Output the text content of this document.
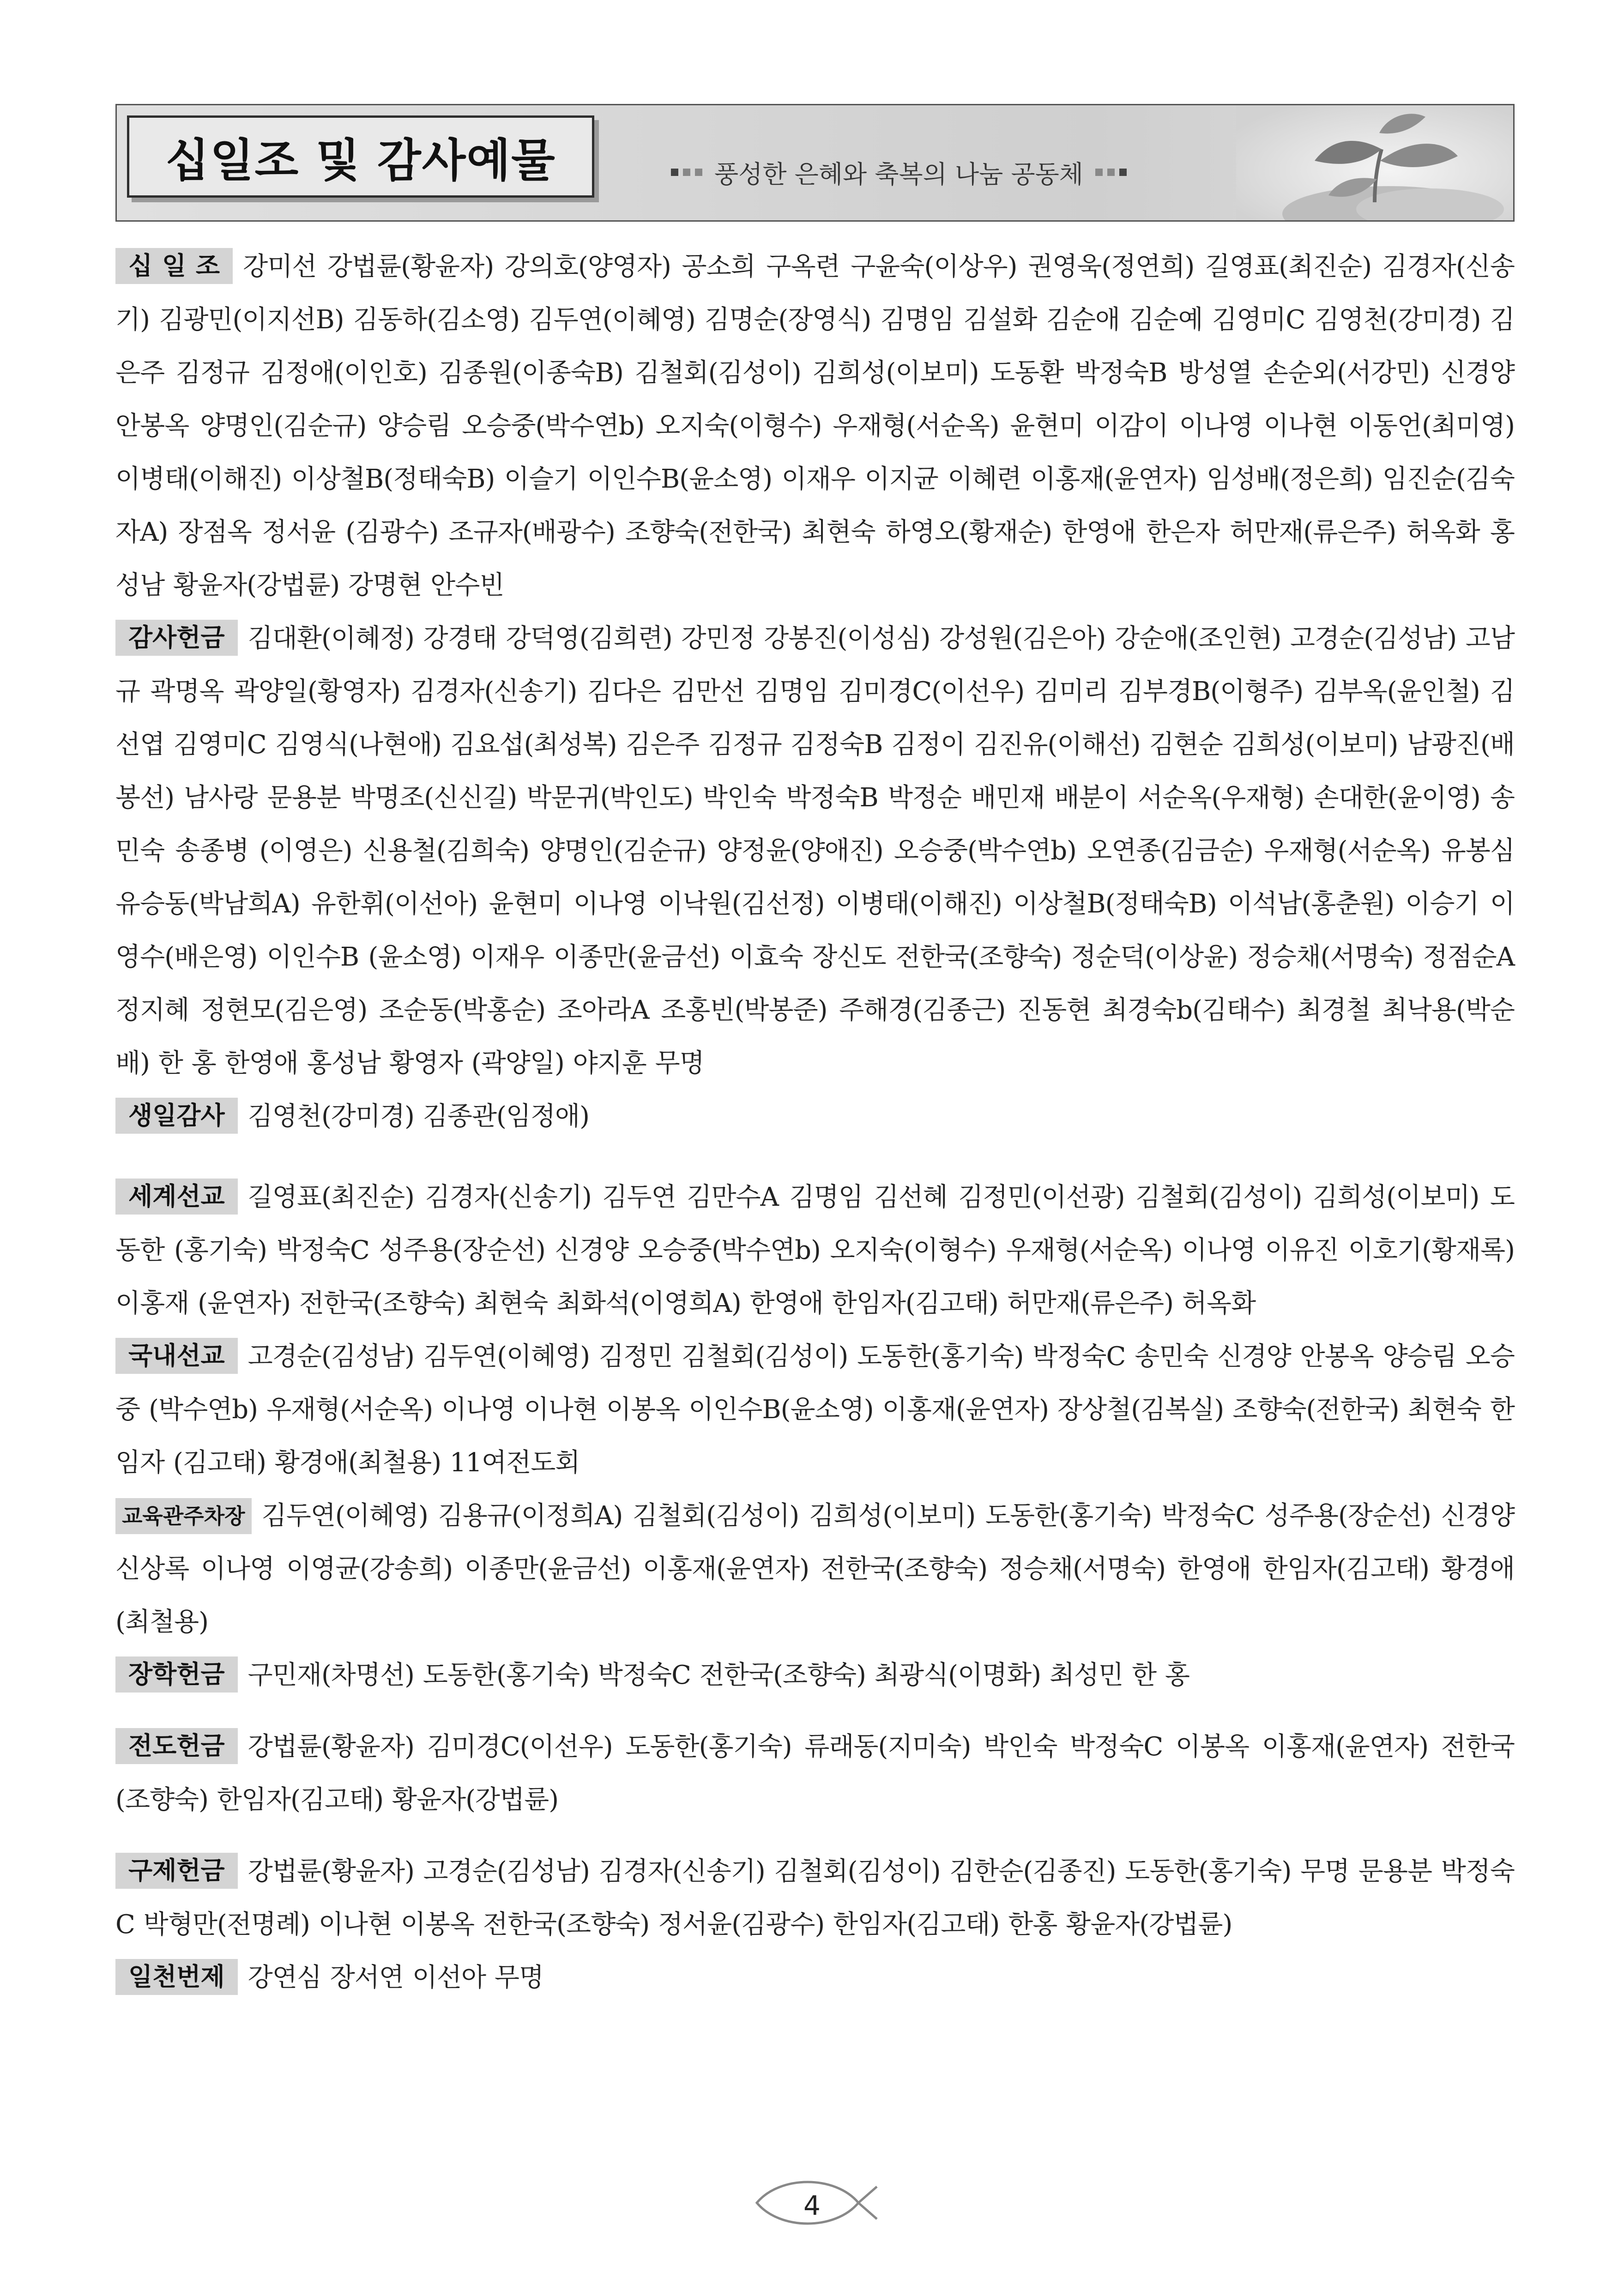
십일조 및 감사예물	풍성한 은혜와 축복의 나눔 공동체

십 일 조 강미선 강법륜(황윤자) 강의호(양영자) 공소희 구옥련 구윤숙(이상우) 권영욱(정연희) 길영표(최진순) 김경자(신송기) 김광민(이지선B) 김동하(김소영) 김두연(이혜영) 김명순(장영식) 김명임 김설화 김순애 김순예 김영미C 김영천(강미경) 김은주 김정규 김정애(이인호) 김종원(이종숙B) 김철회(김성이) 김희성(이보미) 도동환 박정숙B 방성열 손순외(서강민) 신경양 안봉옥 양명인(김순규) 양승림 오승중(박수연b) 오지숙(이형수) 우재형(서순옥) 윤현미 이감이 이나영 이나현 이동언(최미영) 이병태(이해진) 이상철B(정태숙B) 이슬기 이인수B(윤소영) 이재우 이지균 이혜련 이홍재(윤연자) 임성배(정은희) 임진순(김숙자A) 장점옥 정서윤 (김광수) 조규자(배광수) 조향숙(전한국) 최현숙 하영오(황재순) 한영애 한은자 허만재(류은주) 허옥화 홍성남 황윤자(강법륜) 강명현 안수빈

감사헌금 김대환(이혜정) 강경태 강덕영(김희련) 강민정 강봉진(이성심) 강성원(김은아) 강순애(조인현) 고경순(김성남) 고남규 곽명옥 곽양일(황영자) 김경자(신송기) 김다은 김만선 김명임 김미경C(이선우) 김미리 김부경B(이형주) 김부옥(윤인철) 김선엽 김영미C 김영식(나현애) 김요섭(최성복) 김은주 김정규 김정숙B 김정이 김진유(이해선) 김현순 김희성(이보미) 남광진(배봉선) 남사랑 문용분 박명조(신신길) 박문귀(박인도) 박인숙 박정숙B 박정순 배민재 배분이 서순옥(우재형) 손대한(윤이영) 송민숙 송종병 (이영은) 신용철(김희숙) 양명인(김순규) 양정윤(양애진) 오승중(박수연b) 오연종(김금순) 우재형(서순옥) 유봉심 유승동(박남희A) 유한휘(이선아) 윤현미 이나영 이낙원(김선정) 이병태(이해진) 이상철B(정태숙B) 이석남(홍춘원) 이승기 이영수(배은영) 이인수B (윤소영) 이재우 이종만(윤금선) 이효숙 장신도 전한국(조향숙) 정순덕(이상윤) 정승채(서명숙) 정점순A 정지혜 정현모(김은영) 조순동(박홍순) 조아라A 조홍빈(박봉준) 주해경(김종근) 진동현 최경숙b(김태수) 최경철 최낙용(박순배) 한 홍 한영애 홍성남 황영자 (곽양일) 야지훈 무명

생일감사 김영천(강미경) 김종관(임정애)

세계선교 길영표(최진순) 김경자(신송기) 김두연 김만수A 김명임 김선혜 김정민(이선광) 김철회(김성이) 김희성(이보미) 도동한 (홍기숙) 박정숙C 성주용(장순선) 신경양 오승중(박수연b) 오지숙(이형수) 우재형(서순옥) 이나영 이유진 이호기(황재록) 이홍재 (윤연자) 전한국(조향숙) 최현숙 최화석(이영희A) 한영애 한임자(김고태) 허만재(류은주) 허옥화

국내선교 고경순(김성남) 김두연(이혜영) 김정민 김철회(김성이) 도동한(홍기숙) 박정숙C 송민숙 신경양 안봉옥 양승림 오승중 (박수연b) 우재형(서순옥) 이나영 이나현 이봉옥 이인수B(윤소영) 이홍재(윤연자) 장상철(김복실) 조향숙(전한국) 최현숙 한임자 (김고태) 황경애(최철용) 11여전도회

교육관주차장 김두연(이혜영) 김용규(이정희A) 김철회(김성이) 김희성(이보미) 도동한(홍기숙) 박정숙C 성주용(장순선) 신경양 신상록 이나영 이영균(강송희) 이종만(윤금선) 이홍재(윤연자) 전한국(조향숙) 정승채(서명숙) 한영애 한임자(김고태) 황경애(최철용)

장학헌금 구민재(차명선) 도동한(홍기숙) 박정숙C 전한국(조향숙) 최광식(이명화) 최성민 한 홍

전도헌금 강법륜(황윤자) 김미경C(이선우) 도동한(홍기숙) 류래동(지미숙) 박인숙 박정숙C 이봉옥 이홍재(윤연자) 전한국(조향숙) 한임자(김고태) 황윤자(강법륜)

구제헌금 강법륜(황윤자) 고경순(김성남) 김경자(신송기) 김철회(김성이) 김한순(김종진) 도동한(홍기숙) 무명 문용분 박정숙C 박형만(전명례) 이나현 이봉옥 전한국(조향숙) 정서윤(김광수) 한임자(김고태) 한홍 황윤자(강법륜)

일천번제 강연심 장서연 이선아 무명

4
